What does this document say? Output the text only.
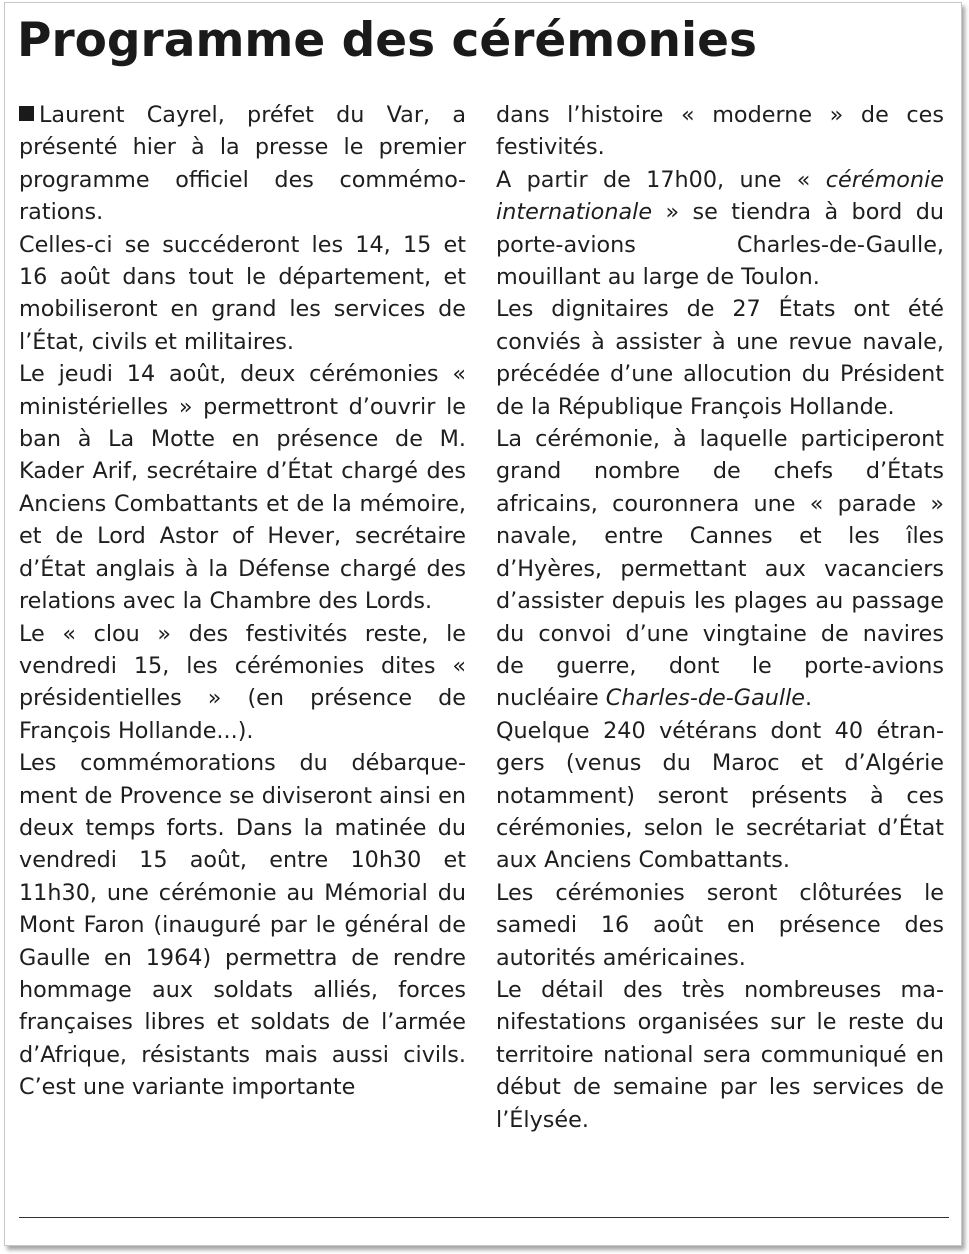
Programme des cérémonies

Laurent Cayrel, préfet du Var, a présenté hier à la presse le premier programme officiel des commémorations.

Celles-ci se succéderont les 14, 15 et 16 août dans tout le département, et mobiliseront en grand les services de l’État, civils et militaires.

Le jeudi 14 août, deux cérémonies « ministérielles » permettront d’ouvrir le ban à La Motte en présence de M. Kader Arif, secrétaire d’État chargé des Anciens Combattants et de la mémoire, et de Lord Astor of Hever, secrétaire d’État anglais à la Défense chargé des relations avec la Chambre des Lords.

Le « clou » des festivités reste, le vendredi 15, les cérémonies dites « présidentielles » (en présence de François Hollande...).

Les commémorations du débarquement de Provence se diviseront ainsi en deux temps forts. Dans la matinée du vendredi 15 août, entre 10h30 et 11h30, une cérémonie au Mémorial du Mont Faron (inauguré par le général de Gaulle en 1964) permettra de rendre hommage aux soldats alliés, forces françaises libres et soldats de l’armée d’Afrique, résistants mais aussi civils. C’est une variante importante

dans l’histoire « moderne » de ces festivités.

A partir de 17h00, une « cérémonie internationale » se tiendra à bord du porte-avions Charles-de-Gaulle, mouillant au large de Toulon.

Les dignitaires de 27 États ont été conviés à assister à une revue navale, précédée d’une allocution du Président de la République François Hollande.

La cérémonie, à laquelle participeront grand nombre de chefs d’États africains, couronnera une « parade » navale, entre Cannes et les îles d’Hyères, permettant aux vacanciers d’assister depuis les plages au passage du convoi d’une vingtaine de navires de guerre, dont le porte-avions nucléaire Charles-de-Gaulle.

Quelque 240 vétérans dont 40 étrangers (venus du Maroc et d’Algérie notamment) seront présents à ces cérémonies, selon le secrétariat d’État aux Anciens Combattants.

Les cérémonies seront clôturées le samedi 16 août en présence des autorités américaines.

Le détail des très nombreuses manifestations organisées sur le reste du territoire national sera communiqué en début de semaine par les services de l’Élysée.
